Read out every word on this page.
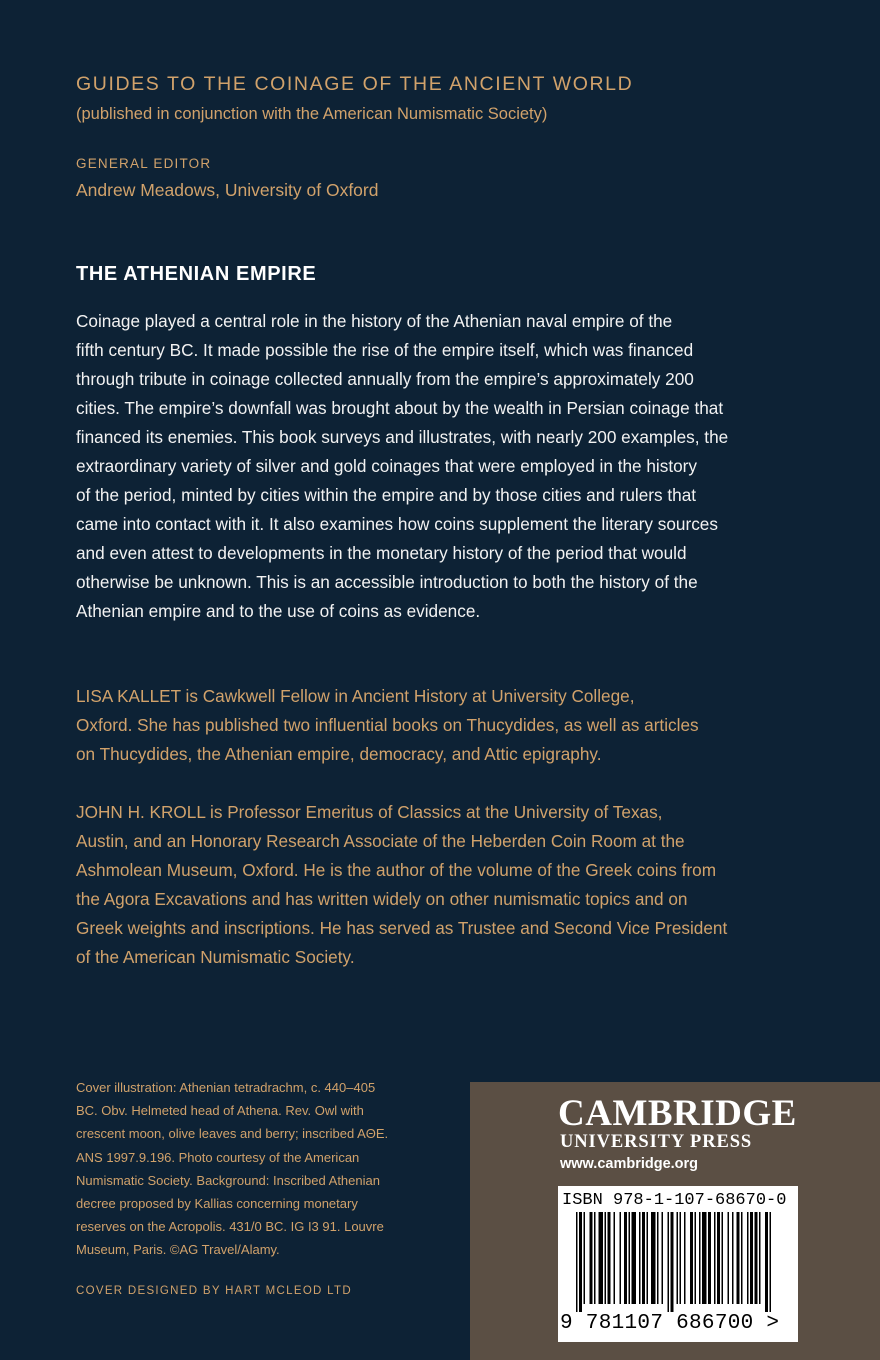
GUIDES TO THE COINAGE OF THE ANCIENT WORLD
(published in conjunction with the American Numismatic Society)
GENERAL EDITOR
Andrew Meadows, University of Oxford
THE ATHENIAN EMPIRE
Coinage played a central role in the history of the Athenian naval empire of the
fifth century BC. It made possible the rise of the empire itself, which was financed
through tribute in coinage collected annually from the empire’s approximately 200
cities. The empire’s downfall was brought about by the wealth in Persian coinage that
financed its enemies. This book surveys and illustrates, with nearly 200 examples, the
extraordinary variety of silver and gold coinages that were employed in the history
of the period, minted by cities within the empire and by those cities and rulers that
came into contact with it. It also examines how coins supplement the literary sources
and even attest to developments in the monetary history of the period that would
otherwise be unknown. This is an accessible introduction to both the history of the
Athenian empire and to the use of coins as evidence.
LISA KALLET is Cawkwell Fellow in Ancient History at University College,
Oxford. She has published two influential books on Thucydides, as well as articles
on Thucydides, the Athenian empire, democracy, and Attic epigraphy.
JOHN H. KROLL is Professor Emeritus of Classics at the University of Texas,
Austin, and an Honorary Research Associate of the Heberden Coin Room at the
Ashmolean Museum, Oxford. He is the author of the volume of the Greek coins from
the Agora Excavations and has written widely on other numismatic topics and on
Greek weights and inscriptions. He has served as Trustee and Second Vice President
of the American Numismatic Society.
Cover illustration: Athenian tetradrachm, c. 440–405
BC. Obv. Helmeted head of Athena. Rev. Owl with
crescent moon, olive leaves and berry; inscribed AΘE.
ANS 1997.9.196. Photo courtesy of the American
Numismatic Society. Background: Inscribed Athenian
decree proposed by Kallias concerning monetary
reserves on the Acropolis. 431/0 BC. IG I3 91. Louvre
Museum, Paris. ©AG Travel/Alamy.
COVER DESIGNED BY HART MCLEOD LTD
CAMBRIDGE
UNIVERSITY PRESS
www.cambridge.org
ISBN 978-1-107-68670-0
9 781107 686700 >
